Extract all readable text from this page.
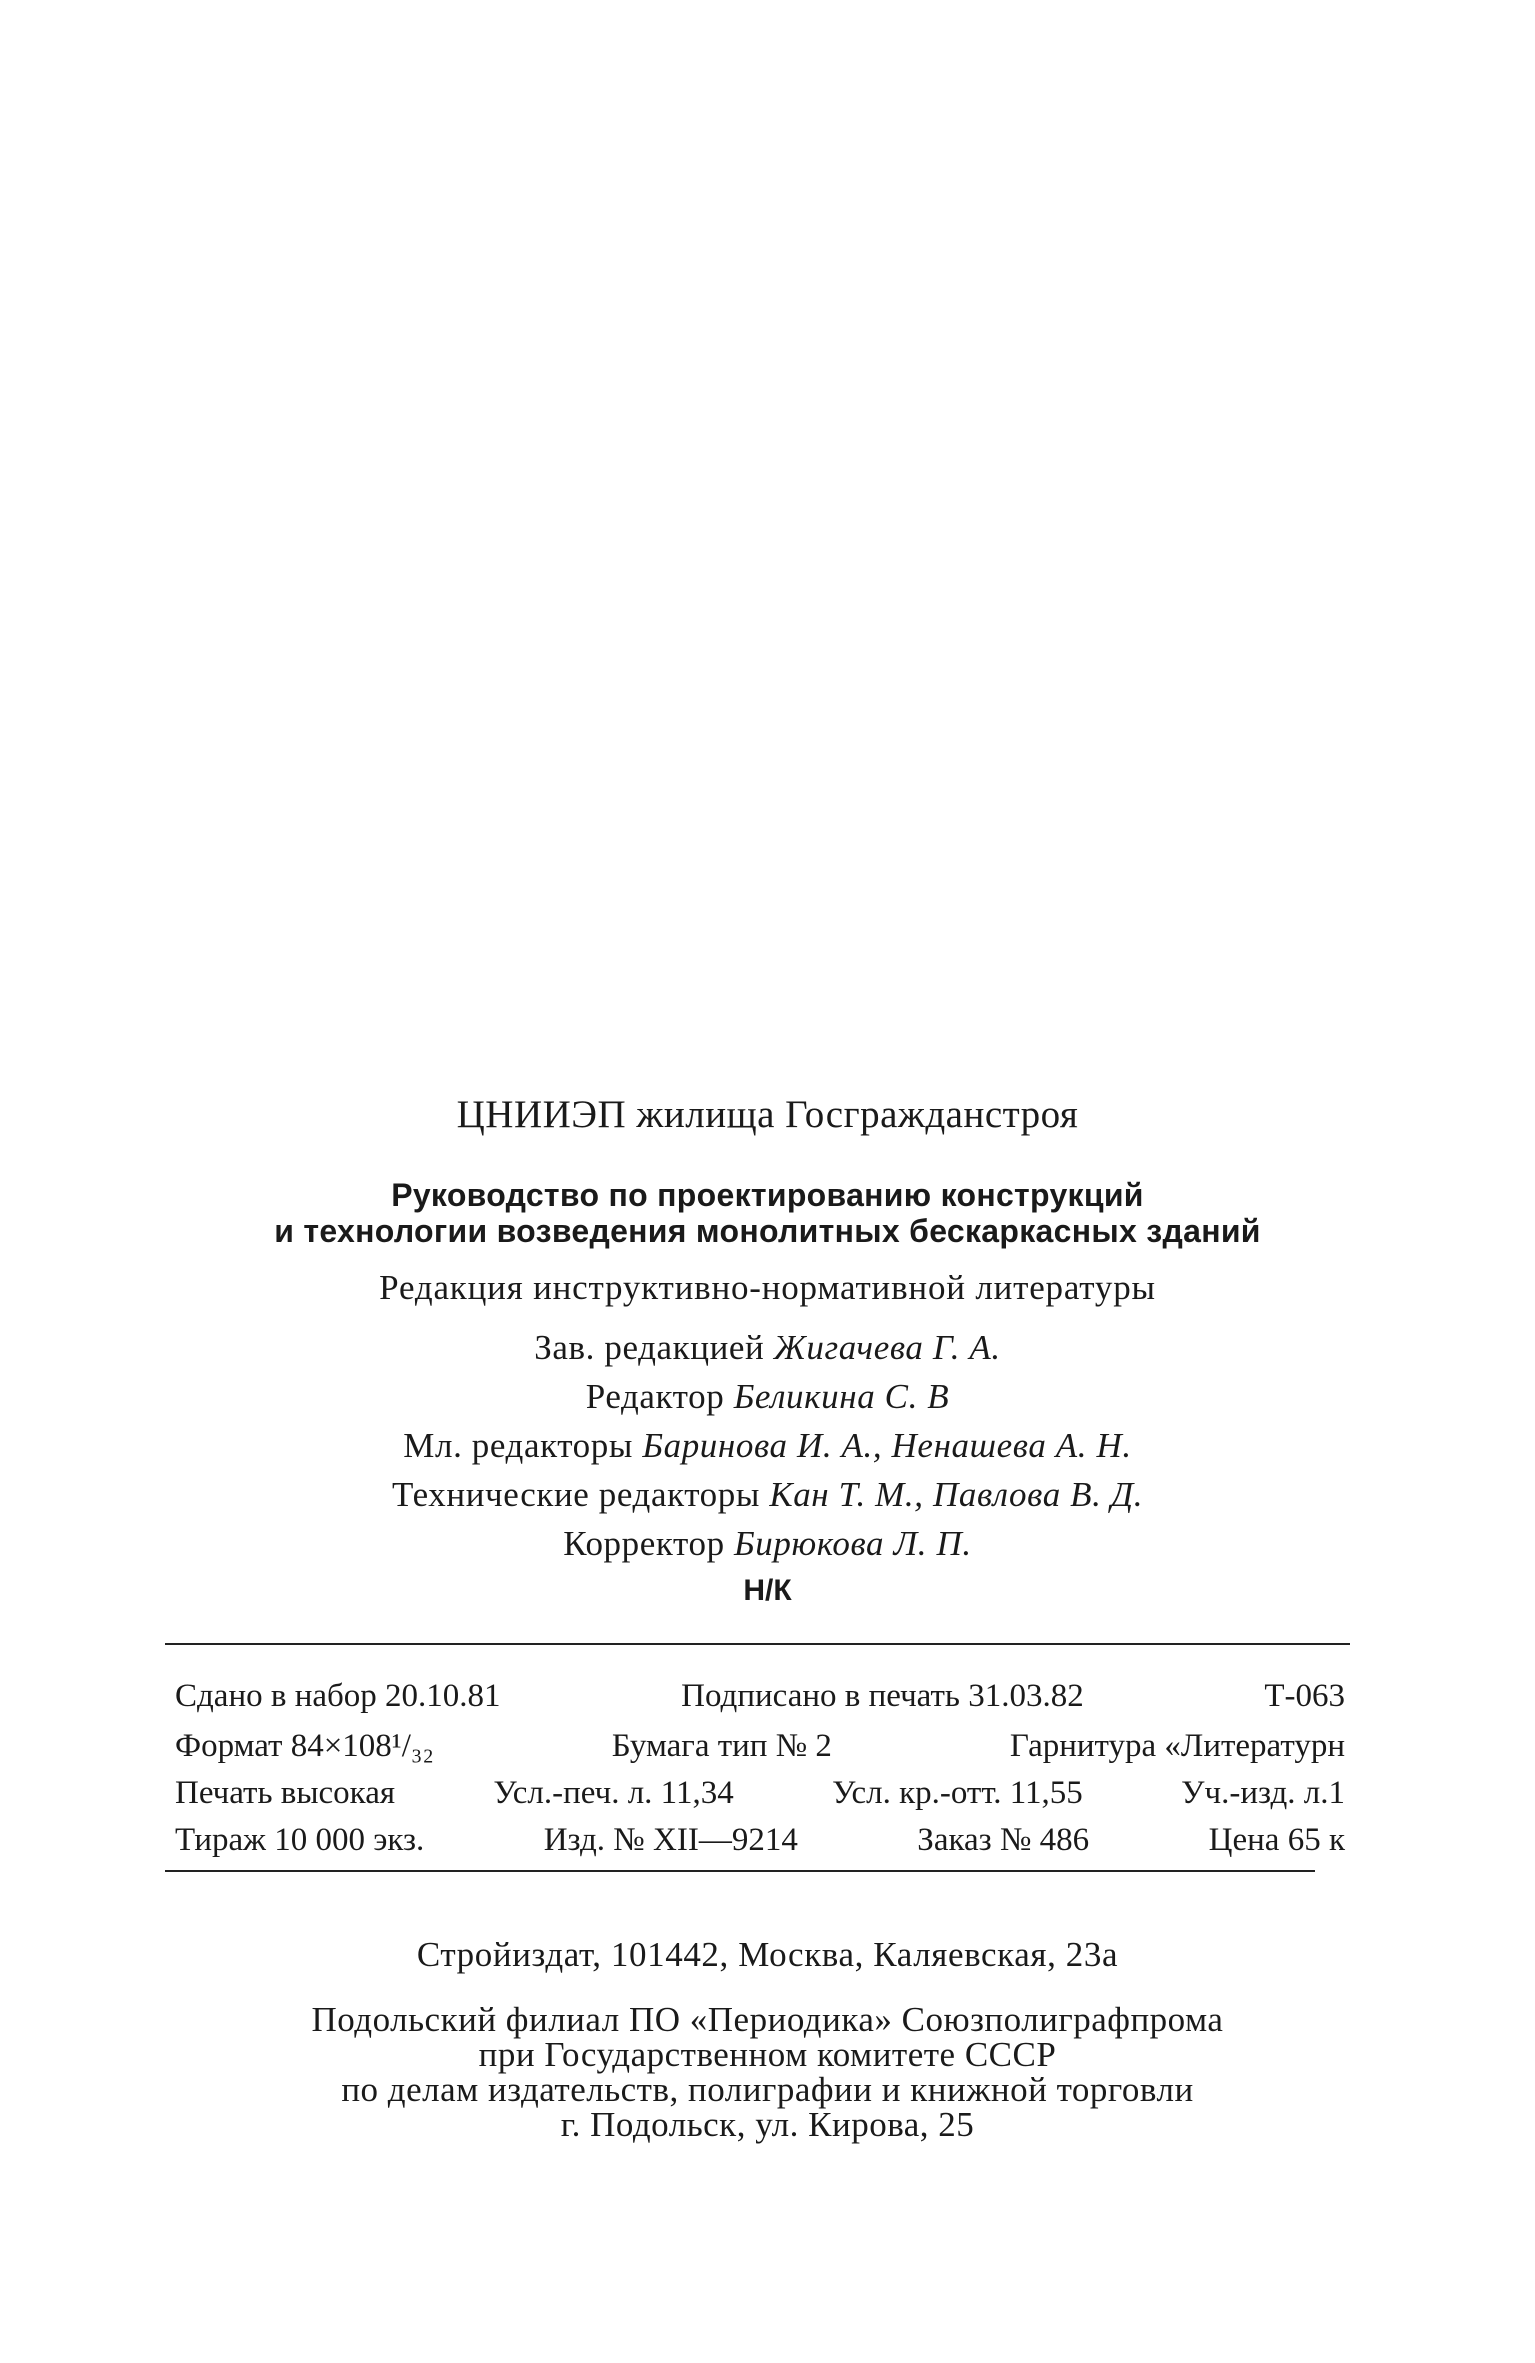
ЦНИИЭП жилища Госгражданстроя
Руководство по проектированию конструкций
и технологии возведения монолитных бескаркасных зданий
Редакция инструктивно-нормативной литературы
Зав. редакцией Жигачева Г. А.
Редактор Беликина С. В
Мл. редакторы Баринова И. А., Ненашева А. Н.
Технические редакторы Кан Т. М., Павлова В. Д.
Корректор Бирюкова Л. П.
Н/К
Сдано в набор 20.10.81	Подписано в печать 31.03.82	Т-063
Формат 84×108¹/₃₂	Бумага тип № 2	Гарнитура «Литературн
Печать высокая	Усл.-печ. л. 11,34	Усл. кр.-отт. 11,55	Уч.-изд. л.1
Тираж 10 000 экз.	Изд. № XII—9214	Заказ № 486	Цена 65 к
Стройиздат, 101442, Москва, Каляевская, 23а
Подольский филиал ПО «Периодика» Союзполиграфпрома
при Государственном комитете СССР
по делам издательств, полиграфии и книжной торговли
г. Подольск, ул. Кирова, 25
